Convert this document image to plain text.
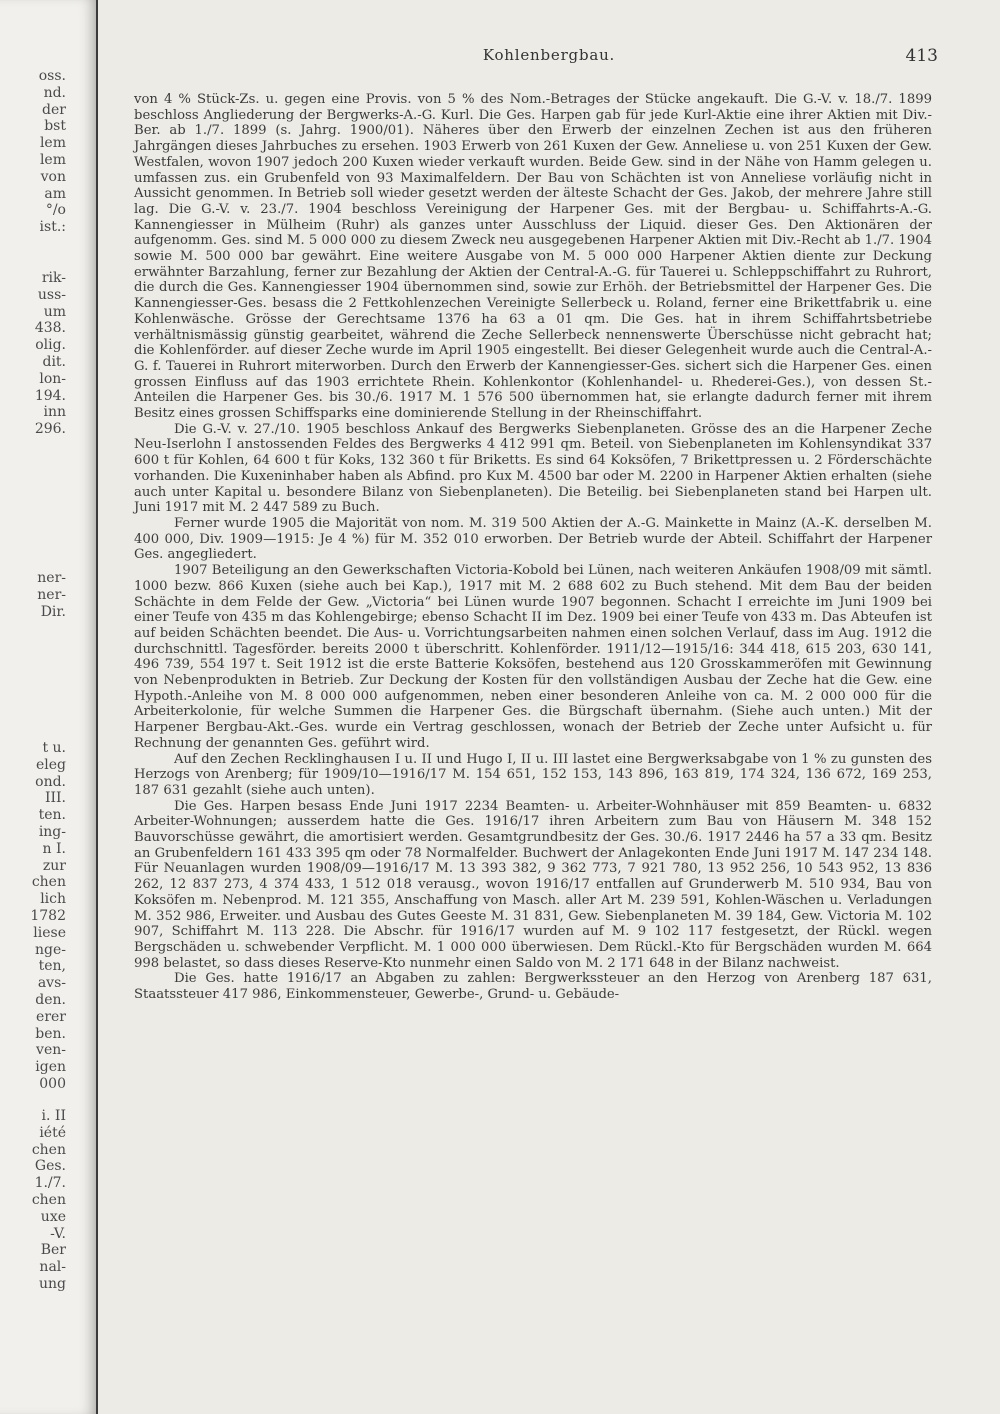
oss.
nd.
der
bst
lem
lem
von
am
°/o
ist.:
rik-
uss-
um
438.
olig.
dit.
lon-
194.
inn
296.
ner-
ner-
Dir.
t u.
eleg
ond.
III.
ten.
ing-
n I.
zur
chen
lich
1782
liese
nge-
ten,
avs-
den.
erer
ben.
ven-
igen
000
i. II
iété
chen
Ges.
1./7.
chen
uxe
-V.
Ber
nal-
ung
Kohlenbergbau.	413

von 4 % Stück-Zs. u. gegen eine Provis. von 5 % des Nom.-Betrages der Stücke angekauft. Die G.-V. v. 18./7. 1899 beschloss Angliederung der Bergwerks-A.-G. Kurl. Die Ges. Harpen gab für jede Kurl-Aktie eine ihrer Aktien mit Div.-Ber. ab 1./7. 1899 (s. Jahrg. 1900/01). Näheres über den Erwerb der einzelnen Zechen ist aus den früheren Jahrgängen dieses Jahrbuches zu ersehen. 1903 Erwerb von 261 Kuxen der Gew. Anneliese u. von 251 Kuxen der Gew. Westfalen, wovon 1907 jedoch 200 Kuxen wieder verkauft wurden. Beide Gew. sind in der Nähe von Hamm gelegen u. umfassen zus. ein Grubenfeld von 93 Maximalfeldern. Der Bau von Schächten ist von Anneliese vorläufig nicht in Aussicht genommen. In Betrieb soll wieder gesetzt werden der älteste Schacht der Ges. Jakob, der mehrere Jahre still lag. Die G.-V. v. 23./7. 1904 beschloss Vereinigung der Harpener Ges. mit der Bergbau- u. Schiffahrts-A.-G. Kannengiesser in Mülheim (Ruhr) als ganzes unter Ausschluss der Liquid. dieser Ges. Den Aktionären der aufgenomm. Ges. sind M. 5 000 000 zu diesem Zweck neu ausgegebenen Harpener Aktien mit Div.-Recht ab 1./7. 1904 sowie M. 500 000 bar gewährt. Eine weitere Ausgabe von M. 5 000 000 Harpener Aktien diente zur Deckung erwähnter Barzahlung, ferner zur Bezahlung der Aktien der Central-A.-G. für Tauerei u. Schleppschiffahrt zu Ruhrort, die durch die Ges. Kannengiesser 1904 übernommen sind, sowie zur Erhöh. der Betriebsmittel der Harpener Ges. Die Kannengiesser-Ges. besass die 2 Fettkohlenzechen Vereinigte Sellerbeck u. Roland, ferner eine Brikettfabrik u. eine Kohlenwäsche. Grösse der Gerechtsame 1376 ha 63 a 01 qm. Die Ges. hat in ihrem Schiffahrtsbetriebe verhältnismässig günstig gearbeitet, während die Zeche Sellerbeck nennenswerte Überschüsse nicht gebracht hat; die Kohlenförder. auf dieser Zeche wurde im April 1905 eingestellt. Bei dieser Gelegenheit wurde auch die Central-A.-G. f. Tauerei in Ruhrort miterworben. Durch den Erwerb der Kannengiesser-Ges. sichert sich die Harpener Ges. einen grossen Einfluss auf das 1903 errichtete Rhein. Kohlenkontor (Kohlenhandel- u. Rhederei-Ges.), von dessen St.-Anteilen die Harpener Ges. bis 30./6. 1917 M. 1 576 500 übernommen hat, sie erlangte dadurch ferner mit ihrem Besitz eines grossen Schiffsparks eine dominierende Stellung in der Rheinschiffahrt.

Die G.-V. v. 27./10. 1905 beschloss Ankauf des Bergwerks Siebenplaneten. Grösse des an die Harpener Zeche Neu-Iserlohn I anstossenden Feldes des Bergwerks 4 412 991 qm. Beteil. von Siebenplaneten im Kohlensyndikat 337 600 t für Kohlen, 64 600 t für Koks, 132 360 t für Briketts. Es sind 64 Koksöfen, 7 Brikettpressen u. 2 Förderschächte vorhanden. Die Kuxeninhaber haben als Abfind. pro Kux M. 4500 bar oder M. 2200 in Harpener Aktien erhalten (siehe auch unter Kapital u. besondere Bilanz von Siebenplaneten). Die Beteilig. bei Siebenplaneten stand bei Harpen ult. Juni 1917 mit M. 2 447 589 zu Buch.

Ferner wurde 1905 die Majorität von nom. M. 319 500 Aktien der A.-G. Mainkette in Mainz (A.-K. derselben M. 400 000, Div. 1909—1915: Je 4 %) für M. 352 010 erworben. Der Betrieb wurde der Abteil. Schiffahrt der Harpener Ges. angegliedert.

1907 Beteiligung an den Gewerkschaften Victoria-Kobold bei Lünen, nach weiteren Ankäufen 1908/09 mit sämtl. 1000 bezw. 866 Kuxen (siehe auch bei Kap.), 1917 mit M. 2 688 602 zu Buch stehend. Mit dem Bau der beiden Schächte in dem Felde der Gew. „Victoria“ bei Lünen wurde 1907 begonnen. Schacht I erreichte im Juni 1909 bei einer Teufe von 435 m das Kohlengebirge; ebenso Schacht II im Dez. 1909 bei einer Teufe von 433 m. Das Abteufen ist auf beiden Schächten beendet. Die Aus- u. Vorrichtungsarbeiten nahmen einen solchen Verlauf, dass im Aug. 1912 die durchschnittl. Tagesförder. bereits 2000 t überschritt. Kohlenförder. 1911/12—1915/16: 344 418, 615 203, 630 141, 496 739, 554 197 t. Seit 1912 ist die erste Batterie Koksöfen, bestehend aus 120 Grosskammeröfen mit Gewinnung von Nebenprodukten in Betrieb. Zur Deckung der Kosten für den vollständigen Ausbau der Zeche hat die Gew. eine Hypoth.-Anleihe von M. 8 000 000 aufgenommen, neben einer besonderen Anleihe von ca. M. 2 000 000 für die Arbeiterkolonie, für welche Summen die Harpener Ges. die Bürgschaft übernahm. (Siehe auch unten.) Mit der Harpener Bergbau-Akt.-Ges. wurde ein Vertrag geschlossen, wonach der Betrieb der Zeche unter Aufsicht u. für Rechnung der genannten Ges. geführt wird.

Auf den Zechen Recklinghausen I u. II und Hugo I, II u. III lastet eine Bergwerksabgabe von 1 % zu gunsten des Herzogs von Arenberg; für 1909/10—1916/17 M. 154 651, 152 153, 143 896, 163 819, 174 324, 136 672, 169 253, 187 631 gezahlt (siehe auch unten).

Die Ges. Harpen besass Ende Juni 1917 2234 Beamten- u. Arbeiter-Wohnhäuser mit 859 Beamten- u. 6832 Arbeiter-Wohnungen; ausserdem hatte die Ges. 1916/17 ihren Arbeitern zum Bau von Häusern M. 348 152 Bauvorschüsse gewährt, die amortisiert werden. Gesamtgrundbesitz der Ges. 30./6. 1917 2446 ha 57 a 33 qm. Besitz an Grubenfeldern 161 433 395 qm oder 78 Normalfelder. Buchwert der Anlagekonten Ende Juni 1917 M. 147 234 148. Für Neuanlagen wurden 1908/09—1916/17 M. 13 393 382, 9 362 773, 7 921 780, 13 952 256, 10 543 952, 13 836 262, 12 837 273, 4 374 433, 1 512 018 verausg., wovon 1916/17 entfallen auf Grunderwerb M. 510 934, Bau von Koksöfen m. Nebenprod. M. 121 355, Anschaffung von Masch. aller Art M. 239 591, Kohlen-Wäschen u. Verladungen M. 352 986, Erweiter. und Ausbau des Gutes Geeste M. 31 831, Gew. Siebenplaneten M. 39 184, Gew. Victoria M. 102 907, Schiffahrt M. 113 228. Die Abschr. für 1916/17 wurden auf M. 9 102 117 festgesetzt, der Rückl. wegen Bergschäden u. schwebender Verpflicht. M. 1 000 000 überwiesen. Dem Rückl.-Kto für Bergschäden wurden M. 664 998 belastet, so dass dieses Reserve-Kto nunmehr einen Saldo von M. 2 171 648 in der Bilanz nachweist.

Die Ges. hatte 1916/17 an Abgaben zu zahlen: Bergwerkssteuer an den Herzog von Arenberg 187 631, Staatssteuer 417 986, Einkommensteuer, Gewerbe-, Grund- u. Gebäude-
